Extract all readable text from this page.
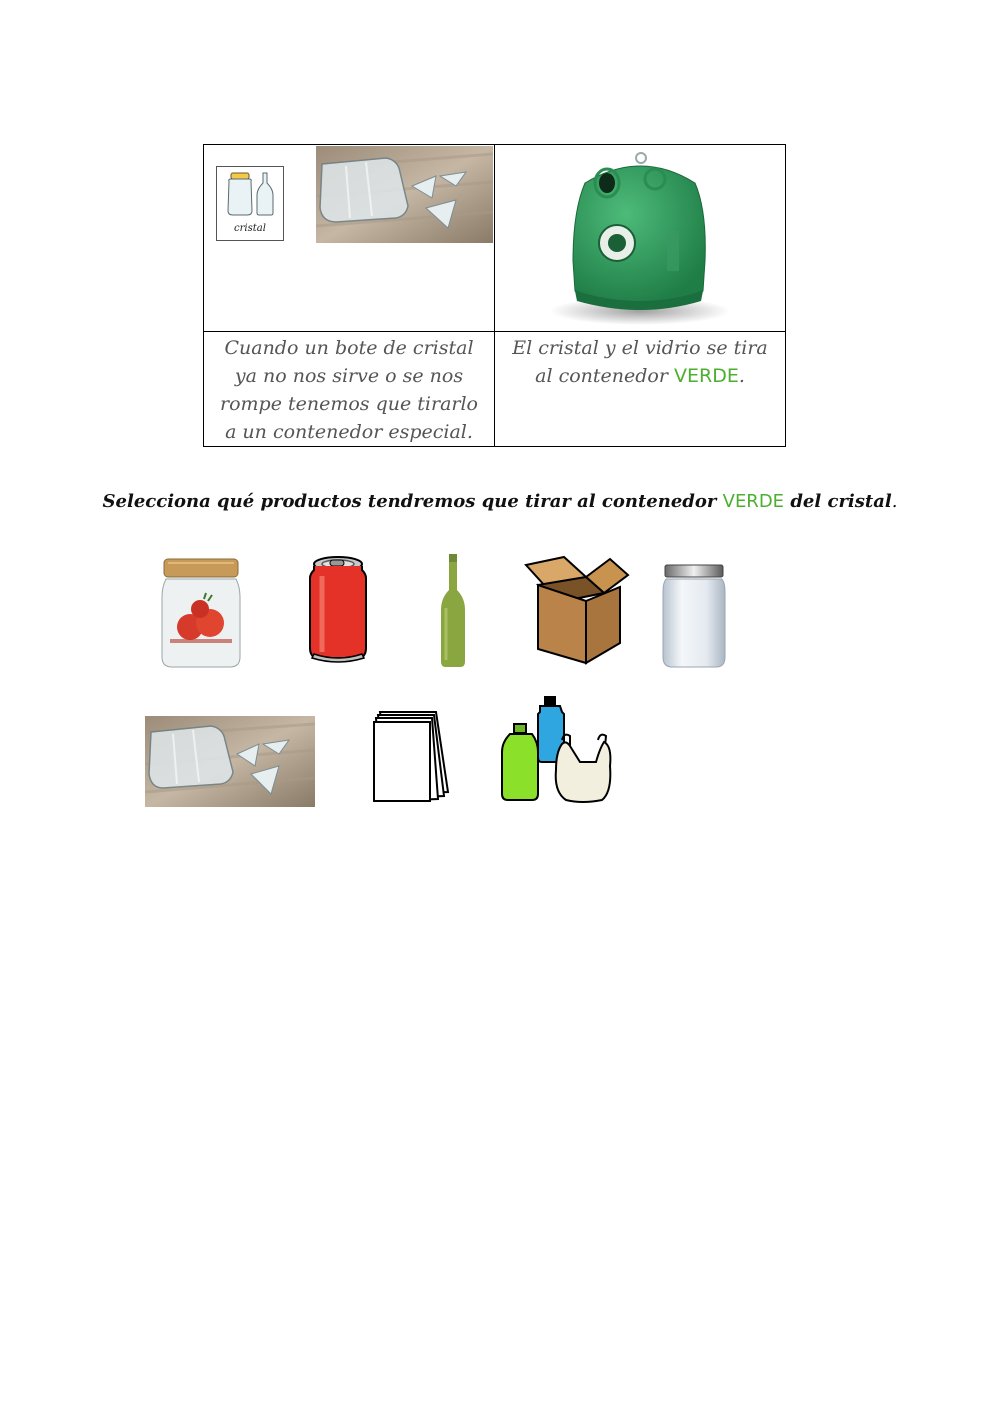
cristal

Cuando un bote de cristal ya no nos sirve o se nos rompe tenemos que tirarlo a un contenedor especial.	El cristal y el vidrio se tira al contenedor VERDE.
Selecciona qué productos tendremos que tirar al contenedor VERDE del cristal.
